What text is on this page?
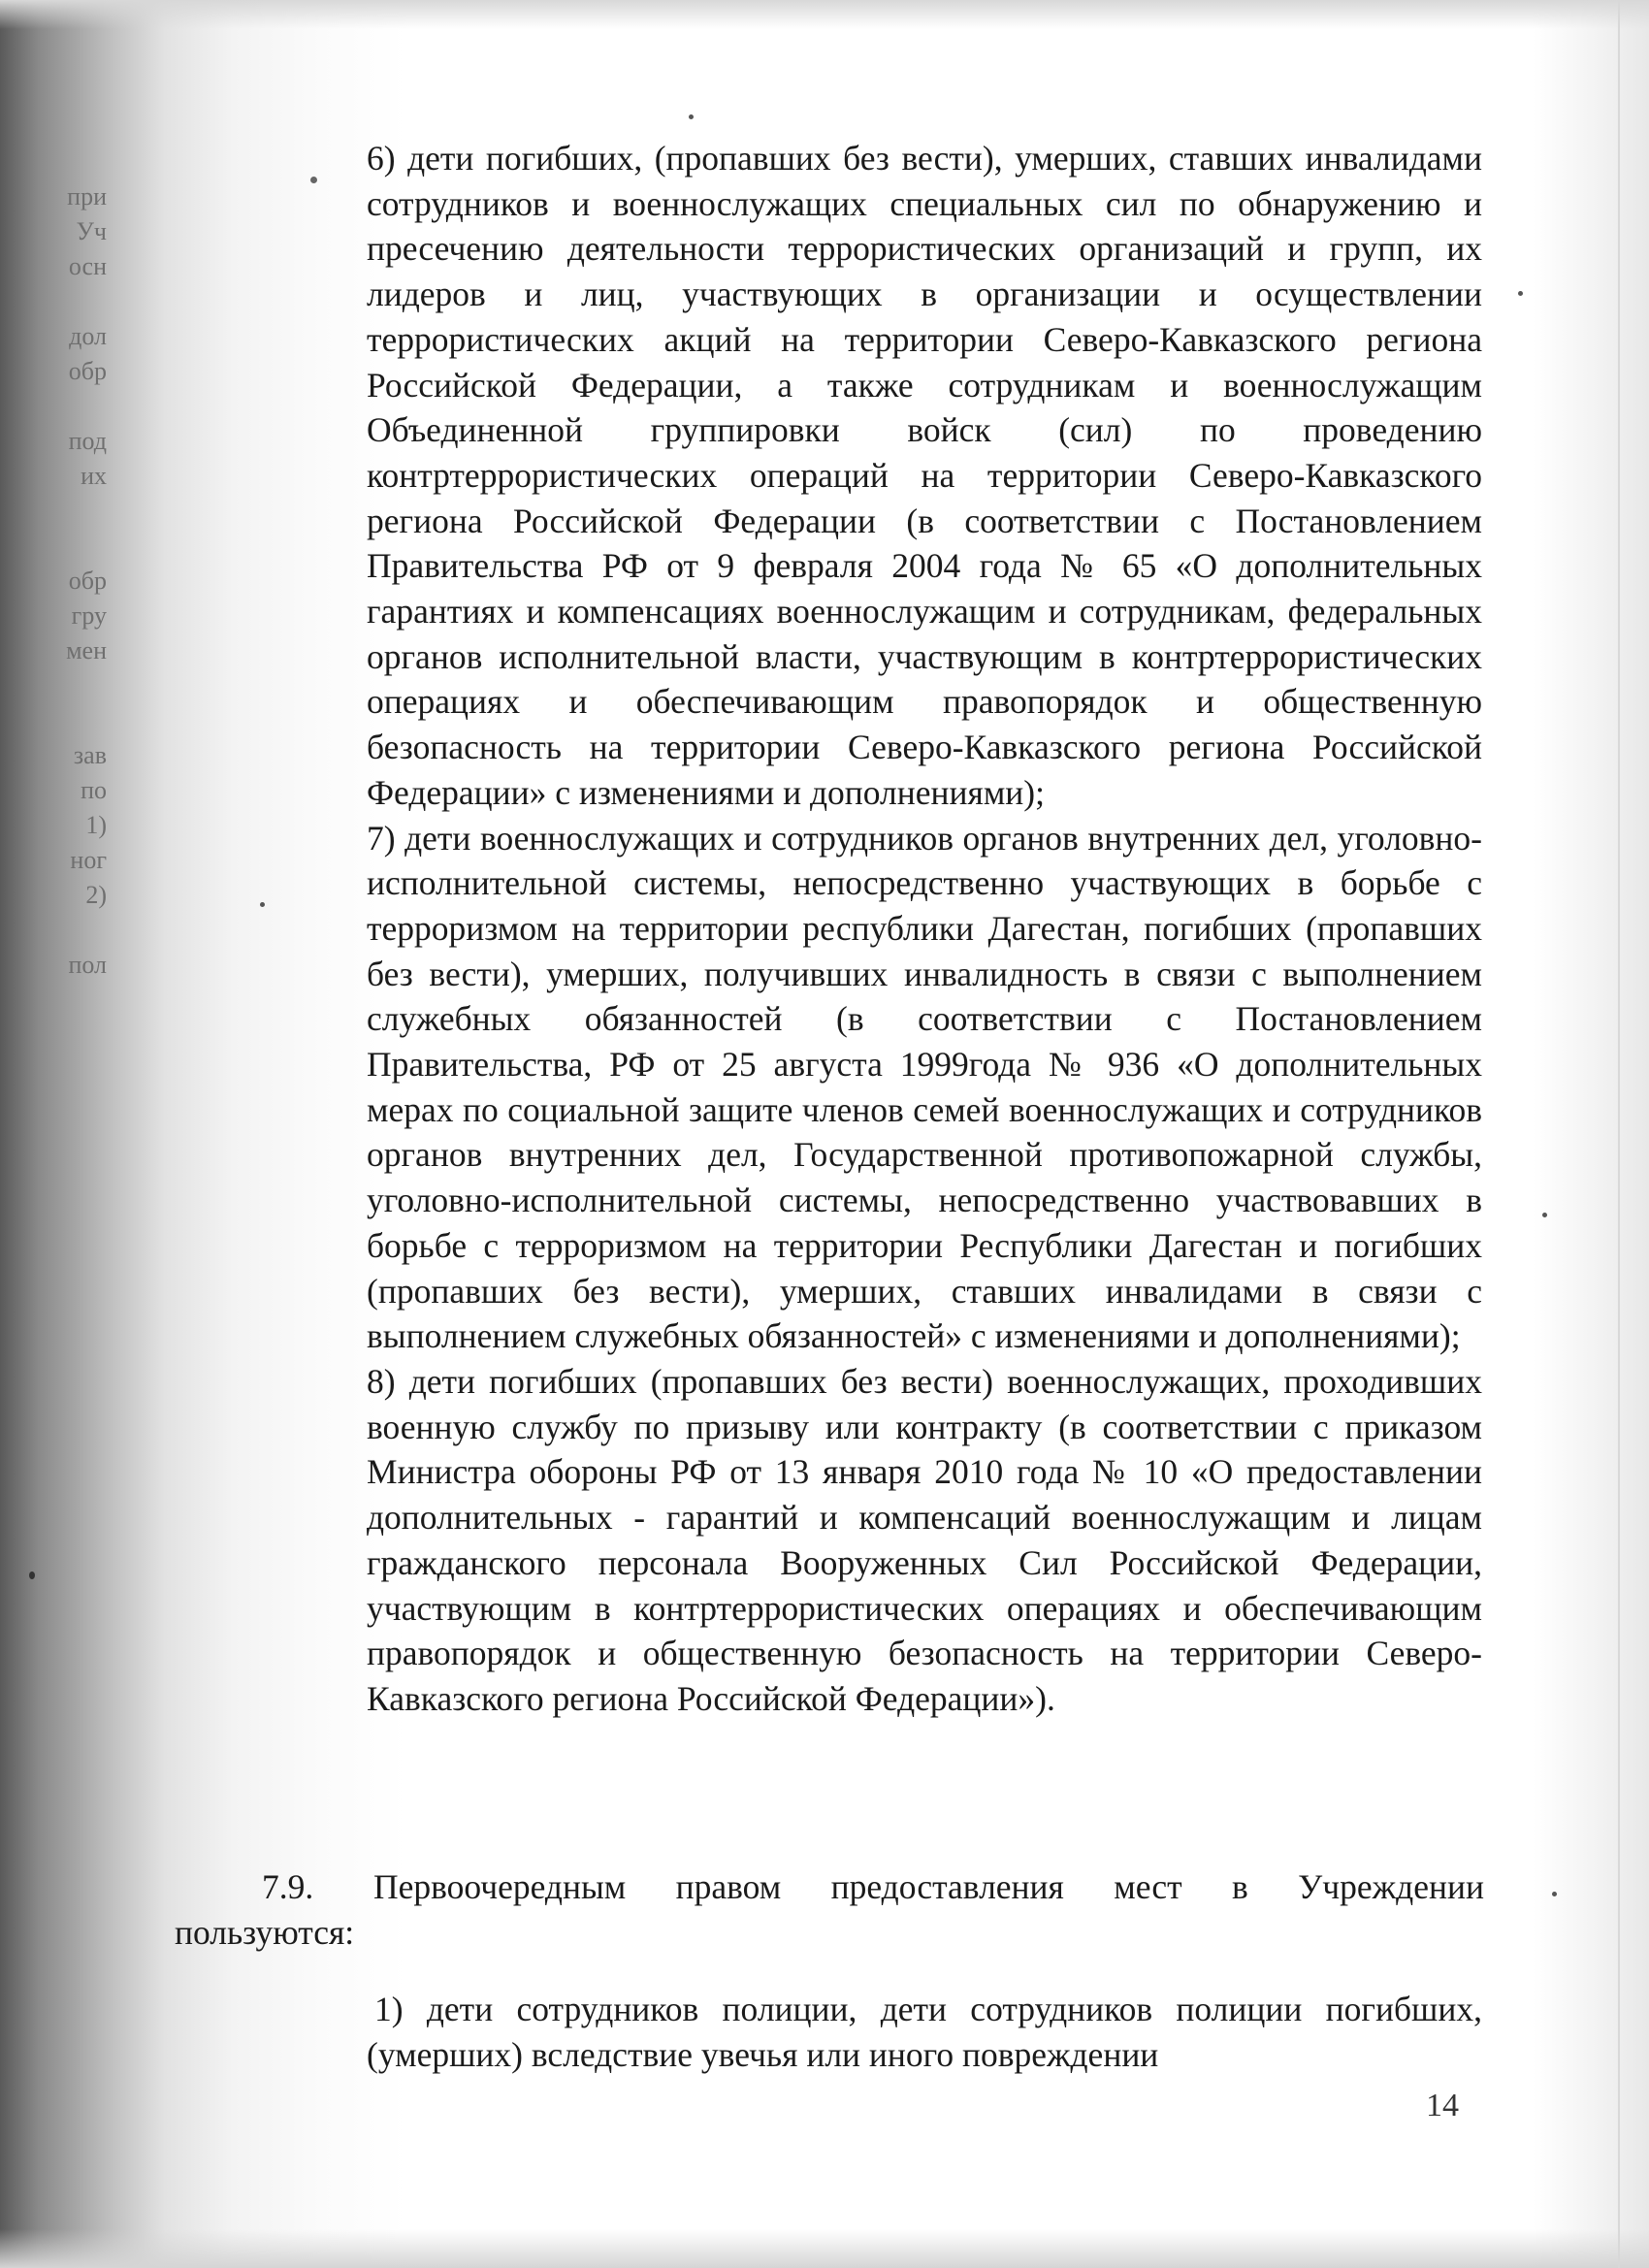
при
Уч
осн

дол
обр

под
их

обр
гру
мен

зав
по
1)
ног
2)

пол

6) дети погибших, (пропавших без вести), умерших, ставших инвалидами сотрудников и военнослужащих специальных сил по обнаружению и пресечению деятельности террористических организаций и групп, их лидеров и лиц, участвующих в организации и осуществлении террористических акций на территории Северо-Кавказского региона Российской Федерации, а также сотрудникам и военнослужащим Объединенной группировки войск (сил) по проведению контртеррористических операций на территории Северо-Кавказского региона Российской Федерации (в соответствии с Постановлением Правительства РФ от 9 февраля 2004 года № 65 «О дополнительных гарантиях и компенсациях военнослужащим и сотрудникам, федеральных органов исполнительной власти, участвующим в контртеррористических операциях и обеспечивающим правопорядок и общественную безопасность на территории Северо-Кавказского региона Российской Федерации» с изменениями и дополнениями);

7) дети военнослужащих и сотрудников органов внутренних дел, уголовно-исполнительной системы, непосредственно участвующих в борьбе с терроризмом на территории республики Дагестан, погибших (пропавших без вести), умерших, получивших инвалидность в связи с выполнением служебных обязанностей (в соответствии с Постановлением Правительства, РФ от 25 августа 1999года № 936 «О дополнительных мерах по социальной защите членов семей военнослужащих и сотрудников органов внутренних дел, Государственной противопожарной службы, уголовно-исполнительной системы, непосредственно участвовавших в борьбе с терроризмом на территории Республики Дагестан и погибших (пропавших без вести), умерших, ставших инвалидами в связи с выполнением служебных обязанностей» с изменениями и дополнениями);

8) дети погибших (пропавших без вести) военнослужащих, проходивших военную службу по призыву или контракту (в соответствии с приказом Министра обороны РФ от 13 января 2010 года № 10 «О предоставлении дополнительных - гарантий и компенсаций военнослужащим и лицам гражданского персонала Вооруженных Сил Российской Федерации, участвующим в контртеррористических операциях и обеспечивающим правопорядок и общественную безопасность на территории Северо-Кавказского региона Российской Федерации»).

7.9. Первоочередным правом предоставления мест в Учреждении
пользуются:

1) дети сотрудников полиции, дети сотрудников полиции погибших, (умерших) вследствие увечья или иного повреждении

14
